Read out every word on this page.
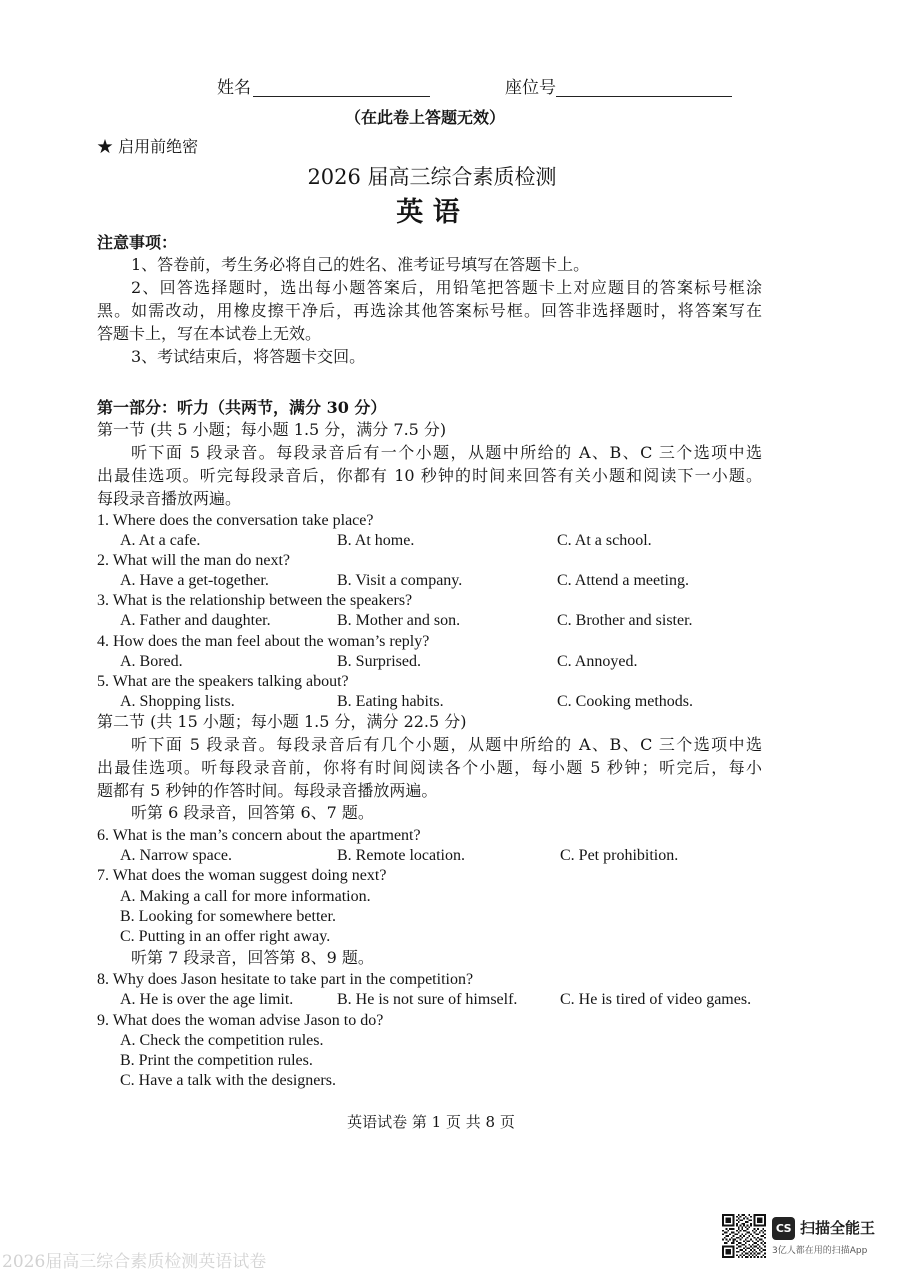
姓名	座位号
（在此卷上答题无效）
★ 启用前绝密
2026 届高三综合素质检测
英 语
注意事项：
1、答卷前，考生务必将自己的姓名、准考证号填写在答题卡上。
2、回答选择题时，选出每小题答案后，用铅笔把答题卡上对应题目的答案标号框涂
黑。如需改动，用橡皮擦干净后，再选涂其他答案标号框。回答非选择题时，将答案写在
答题卡上，写在本试卷上无效。
3、考试结束后，将答题卡交回。
第一部分：听力（共两节，满分 30 分）
第一节 (共 5 小题；每小题 1.5 分，满分 7.5 分)
听下面 5 段录音。每段录音后有一个小题，从题中所给的 A、B、C 三个选项中选
出最佳选项。听完每段录音后，你都有 10 秒钟的时间来回答有关小题和阅读下一小题。
每段录音播放两遍。
1. Where does the conversation take place?
A. At a cafe.	B. At home.	C. At a school.
2. What will the man do next?
A. Have a get-together.	B. Visit a company.	C. Attend a meeting.
3. What is the relationship between the speakers?
A. Father and daughter.	B. Mother and son.	C. Brother and sister.
4. How does the man feel about the woman’s reply?
A. Bored.	B. Surprised.	C. Annoyed.
5. What are the speakers talking about?
A. Shopping lists.	B. Eating habits.	C. Cooking methods.
第二节 (共 15 小题；每小题 1.5 分，满分 22.5 分)
听下面 5 段录音。每段录音后有几个小题，从题中所给的 A、B、C 三个选项中选
出最佳选项。听每段录音前，你将有时间阅读各个小题，每小题 5 秒钟；听完后，每小
题都有 5 秒钟的作答时间。每段录音播放两遍。
听第 6 段录音，回答第 6、7 题。
6. What is the man’s concern about the apartment?
A. Narrow space.	B. Remote location.	C. Pet prohibition.
7. What does the woman suggest doing next?
A. Making a call for more information.
B. Looking for somewhere better.
C. Putting in an offer right away.
听第 7 段录音，回答第 8、9 题。
8. Why does Jason hesitate to take part in the competition?
A. He is over the age limit.	B. He is not sure of himself.	C. He is tired of video games.
9. What does the woman advise Jason to do?
A. Check the competition rules.
B. Print the competition rules.
C. Have a talk with the designers.
英语试卷 第 1 页 共 8 页
CS 扫描全能王
3亿人都在用的扫描App
2026届高三综合素质检测英语试卷
